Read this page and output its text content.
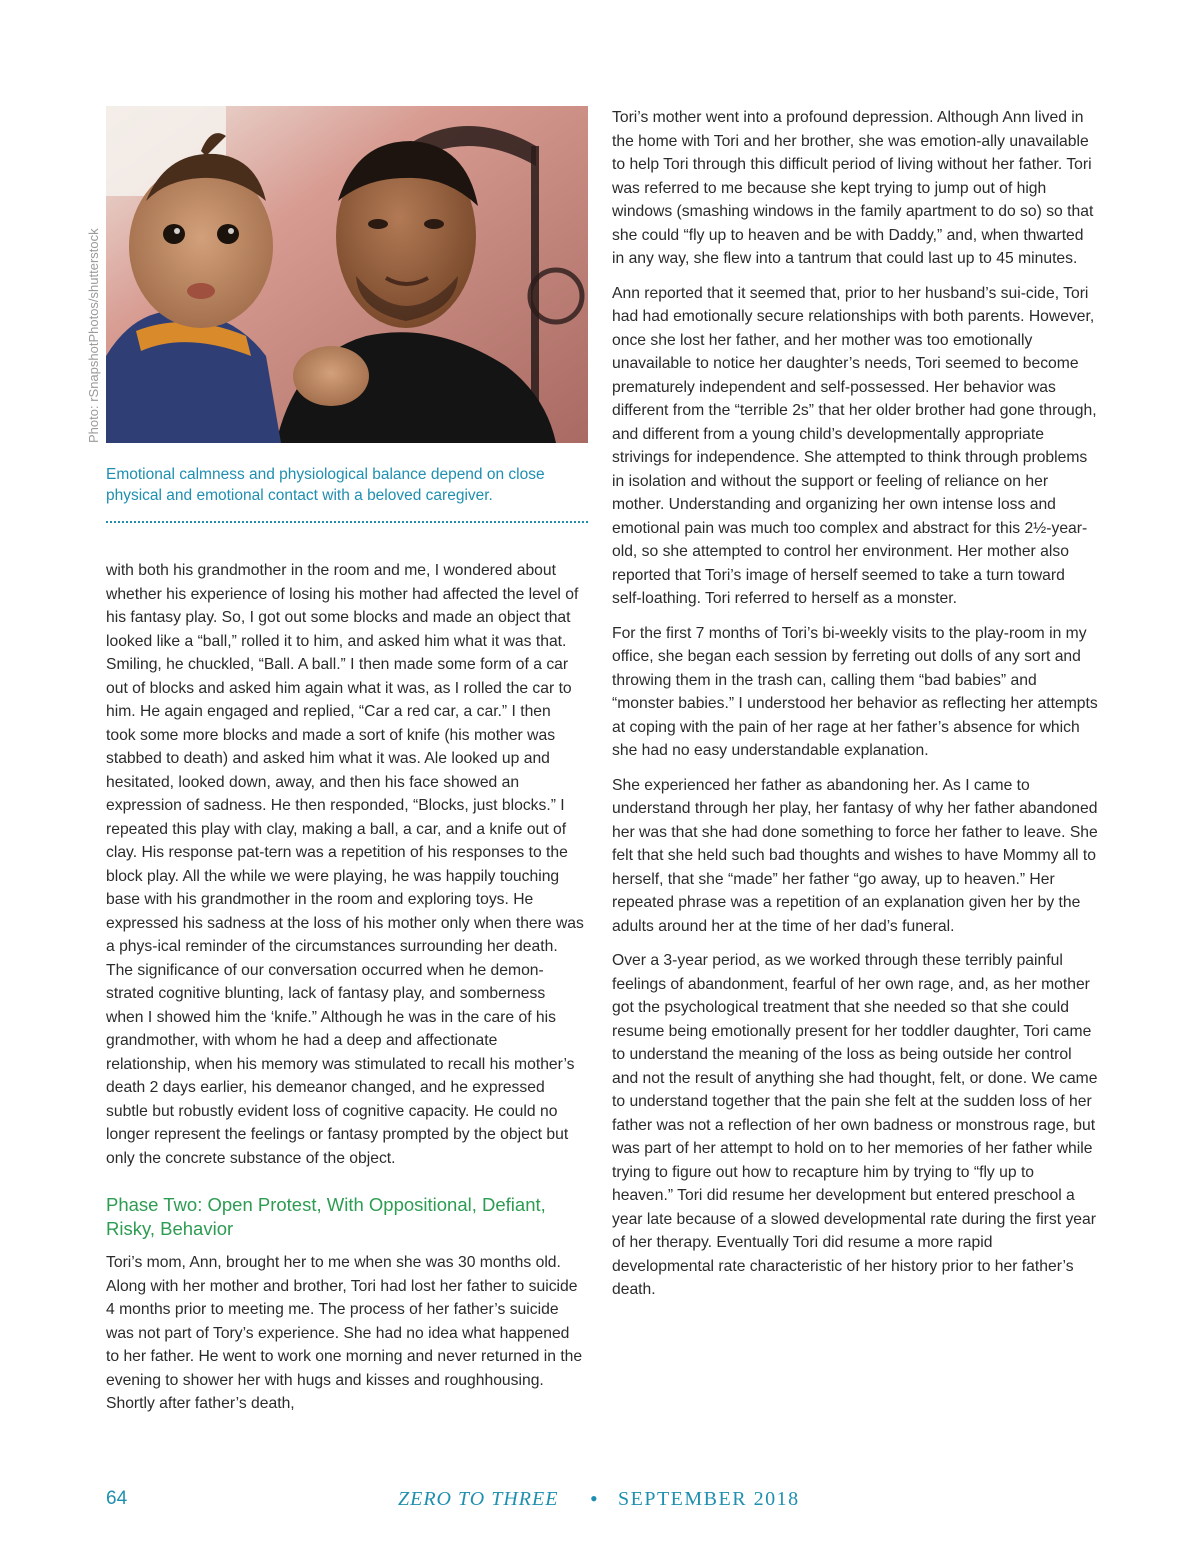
Photo: rSnapshotPhotos/shutterstock
Emotional calmness and physiological balance depend on close physical and emotional contact with a beloved caregiver.

with both his grandmother in the room and me, I wondered about whether his experience of losing his mother had affected the level of his fantasy play. So, I got out some blocks and made an object that looked like a “ball,” rolled it to him, and asked him what it was that. Smiling, he chuckled, “Ball. A ball.” I then made some form of a car out of blocks and asked him again what it was, as I rolled the car to him. He again engaged and replied, “Car a red car, a car.” I then took some more blocks and made a sort of knife (his mother was stabbed to death) and asked him what it was. Ale looked up and hesitated, looked down, away, and then his face showed an expression of sadness. He then responded, “Blocks, just blocks.” I repeated this play with clay, making a ball, a car, and a knife out of clay. His response pat-tern was a repetition of his responses to the block play. All the while we were playing, he was happily touching base with his grandmother in the room and exploring toys. He expressed his sadness at the loss of his mother only when there was a phys-ical reminder of the circumstances surrounding her death. The significance of our conversation occurred when he demon-strated cognitive blunting, lack of fantasy play, and somberness when I showed him the ‘knife.” Although he was in the care of his grandmother, with whom he had a deep and affectionate relationship, when his memory was stimulated to recall his mother’s death 2 days earlier, his demeanor changed, and he expressed subtle but robustly evident loss of cognitive capacity. He could no longer represent the feelings or fantasy prompted by the object but only the concrete substance of the object.

Phase Two: Open Protest, With Oppositional, Defiant, Risky, Behavior

Tori’s mom, Ann, brought her to me when she was 30 months old. Along with her mother and brother, Tori had lost her father to suicide 4 months prior to meeting me. The process of her father’s suicide was not part of Tory’s experience. She had no idea what happened to her father. He went to work one morning and never returned in the evening to shower her with hugs and kisses and roughhousing. Shortly after father’s death,

Tori’s mother went into a profound depression. Although Ann lived in the home with Tori and her brother, she was emotion-ally unavailable to help Tori through this difficult period of living without her father. Tori was referred to me because she kept trying to jump out of high windows (smashing windows in the family apartment to do so) so that she could “fly up to heaven and be with Daddy,” and, when thwarted in any way, she flew into a tantrum that could last up to 45 minutes.

Ann reported that it seemed that, prior to her husband’s sui-cide, Tori had had emotionally secure relationships with both parents. However, once she lost her father, and her mother was too emotionally unavailable to notice her daughter’s needs, Tori seemed to become prematurely independent and self-possessed. Her behavior was different from the “terrible 2s” that her older brother had gone through, and different from a young child’s developmentally appropriate strivings for independence. She attempted to think through problems in isolation and without the support or feeling of reliance on her mother. Understanding and organizing her own intense loss and emotional pain was much too complex and abstract for this 2½-year-old, so she attempted to control her environment. Her mother also reported that Tori’s image of herself seemed to take a turn toward self-loathing. Tori referred to herself as a monster.

For the first 7 months of Tori’s bi-weekly visits to the play-room in my office, she began each session by ferreting out dolls of any sort and throwing them in the trash can, calling them “bad babies” and “monster babies.” I understood her behavior as reflecting her attempts at coping with the pain of her rage at her father’s absence for which she had no easy understandable explanation.

She experienced her father as abandoning her. As I came to understand through her play, her fantasy of why her father abandoned her was that she had done something to force her father to leave. She felt that she held such bad thoughts and wishes to have Mommy all to herself, that she “made” her father “go away, up to heaven.” Her repeated phrase was a repetition of an explanation given her by the adults around her at the time of her dad’s funeral.

Over a 3-year period, as we worked through these terribly painful feelings of abandonment, fearful of her own rage, and, as her mother got the psychological treatment that she needed so that she could resume being emotionally present for her toddler daughter, Tori came to understand the meaning of the loss as being outside her control and not the result of anything she had thought, felt, or done. We came to understand together that the pain she felt at the sudden loss of her father was not a reflection of her own badness or monstrous rage, but was part of her attempt to hold on to her memories of her father while trying to figure out how to recapture him by trying to “fly up to heaven.” Tori did resume her development but entered preschool a year late because of a slowed developmental rate during the first year of her therapy. Eventually Tori did resume a more rapid developmental rate characteristic of her history prior to her father’s death.

64	ZERO TO THREE • SEPTEMBER 2018
